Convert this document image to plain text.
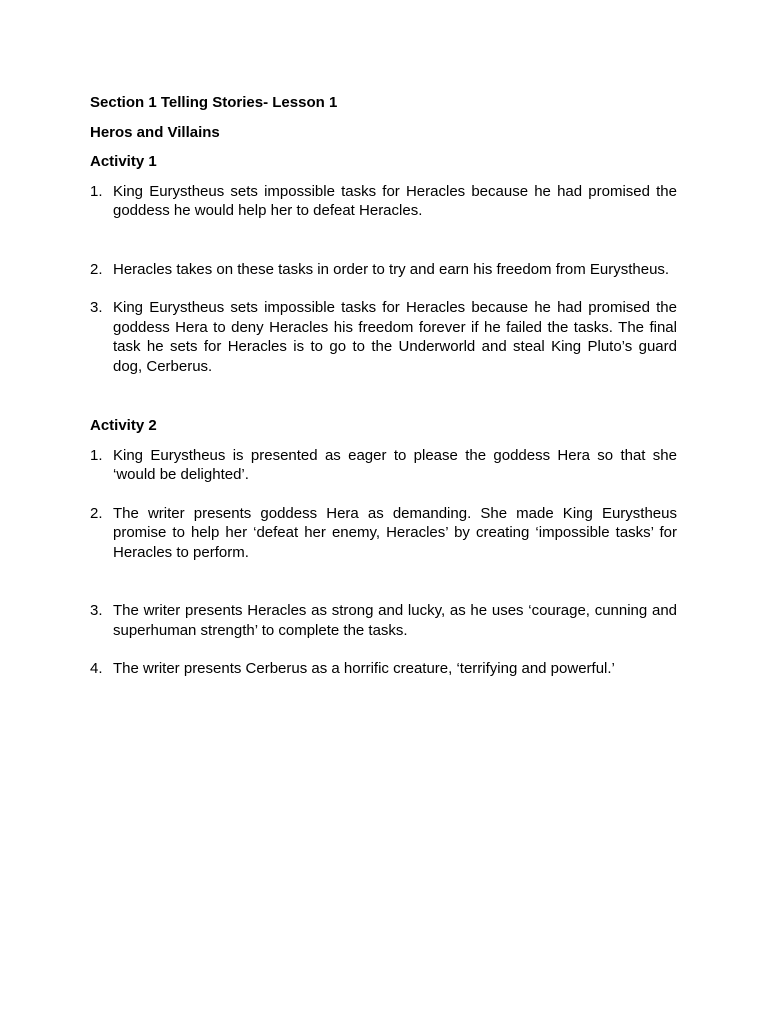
Section 1 Telling Stories- Lesson 1

Heros and Villains

Activity 1

1. King Eurystheus sets impossible tasks for Heracles because he had promised the goddess he would help her to defeat Heracles.
2. Heracles takes on these tasks in order to try and earn his freedom from Eurystheus.
3. King Eurystheus sets impossible tasks for Heracles because he had promised the goddess Hera to deny Heracles his freedom forever if he failed the tasks. The final task he sets for Heracles is to go to the Underworld and steal King Pluto’s guard dog, Cerberus.

Activity 2

1. King Eurystheus is presented as eager to please the goddess Hera so that she ‘would be delighted’.
2. The writer presents goddess Hera as demanding. She made King Eurystheus promise to help her ‘defeat her enemy, Heracles’ by creating ‘impossible tasks’ for Heracles to perform.
3. The writer presents Heracles as strong and lucky, as he uses ‘courage, cunning and superhuman strength’ to complete the tasks.
4. The writer presents Cerberus as a horrific creature, ‘terrifying and powerful.’
